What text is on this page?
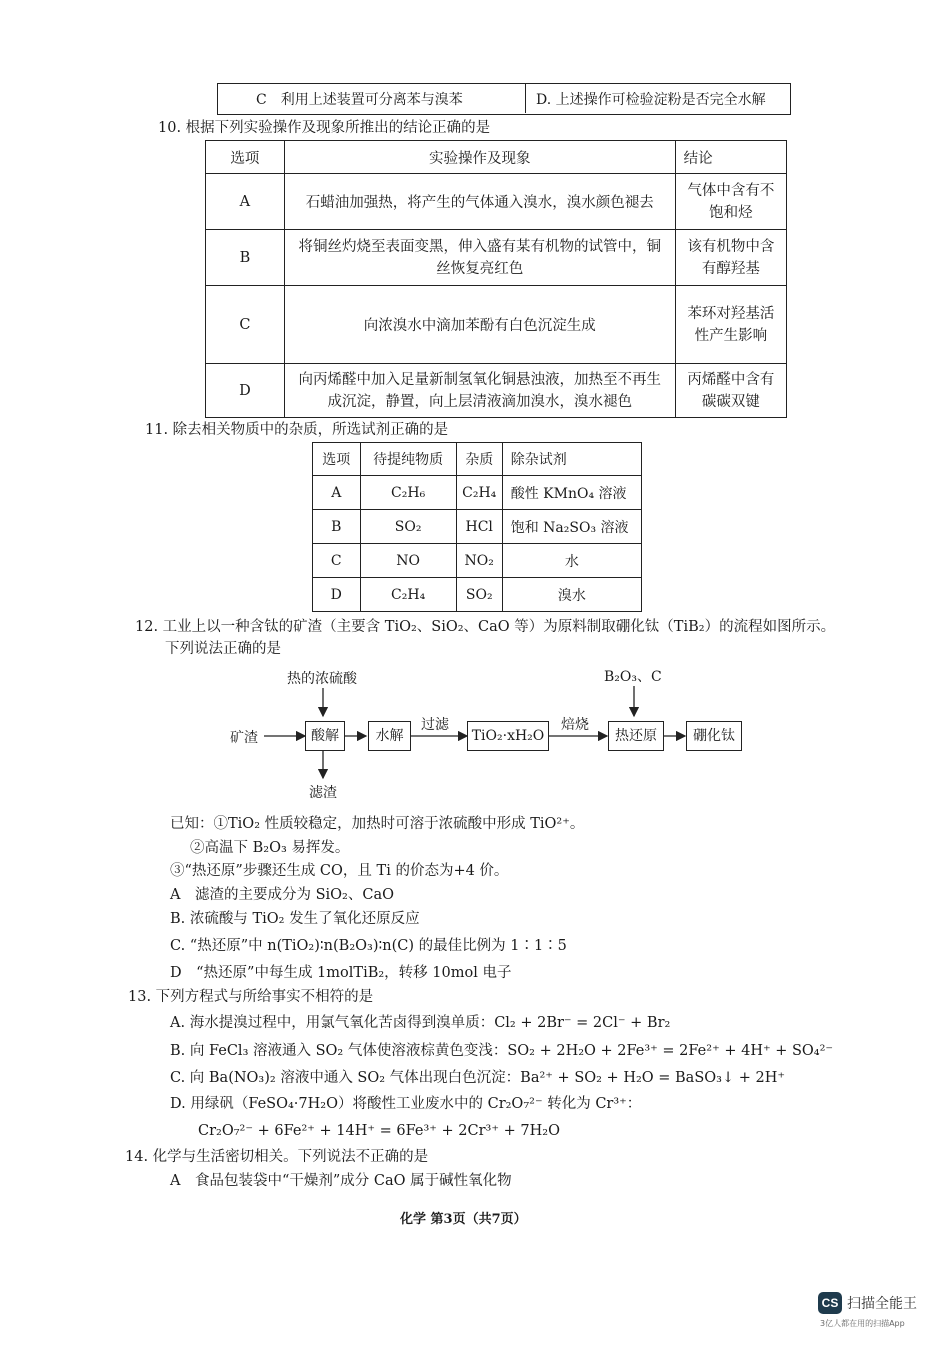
C　利用上述装置可分离苯与溴苯	D. 上述操作可检验淀粉是否完全水解
10. 根据下列实验操作及现象所推出的结论正确的是
选项	实验操作及现象	结论
A	石蜡油加强热，将产生的气体通入溴水，溴水颜色褪去	气体中含有不饱和烃
B	将铜丝灼烧至表面变黑，伸入盛有某有机物的试管中，铜丝恢复亮红色	该有机物中含有醇羟基
C	向浓溴水中滴加苯酚有白色沉淀生成	苯环对羟基活性产生影响
D	向丙烯醛中加入足量新制氢氧化铜悬浊液，加热至不再生成沉淀，静置，向上层清液滴加溴水，溴水褪色	丙烯醛中含有碳碳双键
11. 除去相关物质中的杂质，所选试剂正确的是
选项	待提纯物质	杂质	除杂试剂
A	C₂H₆	C₂H₄	酸性 KMnO₄ 溶液
B	SO₂	HCl	饱和 Na₂SO₃ 溶液
C	NO	NO₂	水
D	C₂H₄	SO₂	溴水
12. 工业上以一种含钛的矿渣（主要含 TiO₂、SiO₂、CaO 等）为原料制取硼化钛（TiB₂）的流程如图所示。
下列说法正确的是
矿渣
热的浓硫酸
酸解
滤渣
水解
过滤
TiO₂·xH₂O
焙烧
B₂O₃、C
热还原	硼化钛
已知：①TiO₂ 性质较稳定，加热时可溶于浓硫酸中形成 TiO²⁺。
②高温下 B₂O₃ 易挥发。
③“热还原”步骤还生成 CO，且 Ti 的价态为+4 价。
A　滤渣的主要成分为 SiO₂、CaO
B. 浓硫酸与 TiO₂ 发生了氧化还原反应
C. “热还原”中 n(TiO₂)∶n(B₂O₃)∶n(C) 的最佳比例为 1∶1∶5
D　“热还原”中每生成 1molTiB₂，转移 10mol 电子
13. 下列方程式与所给事实不相符的是
A. 海水提溴过程中，用氯气氧化苦卤得到溴单质：Cl₂ + 2Br⁻ = 2Cl⁻ + Br₂
B. 向 FeCl₃ 溶液通入 SO₂ 气体使溶液棕黄色变浅：SO₂ + 2H₂O + 2Fe³⁺ = 2Fe²⁺ + 4H⁺ + SO₄²⁻
C. 向 Ba(NO₃)₂ 溶液中通入 SO₂ 气体出现白色沉淀：Ba²⁺ + SO₂ + H₂O = BaSO₃↓ + 2H⁺
D. 用绿矾（FeSO₄·7H₂O）将酸性工业废水中的 Cr₂O₇²⁻ 转化为 Cr³⁺：
Cr₂O₇²⁻ + 6Fe²⁺ + 14H⁺ = 6Fe³⁺ + 2Cr³⁺ + 7H₂O
14. 化学与生活密切相关。下列说法不正确的是
A　食品包装袋中“干燥剂”成分 CaO 属于碱性氧化物
化学 第3页（共7页）
CS 扫描全能王
3亿人都在用的扫描App
